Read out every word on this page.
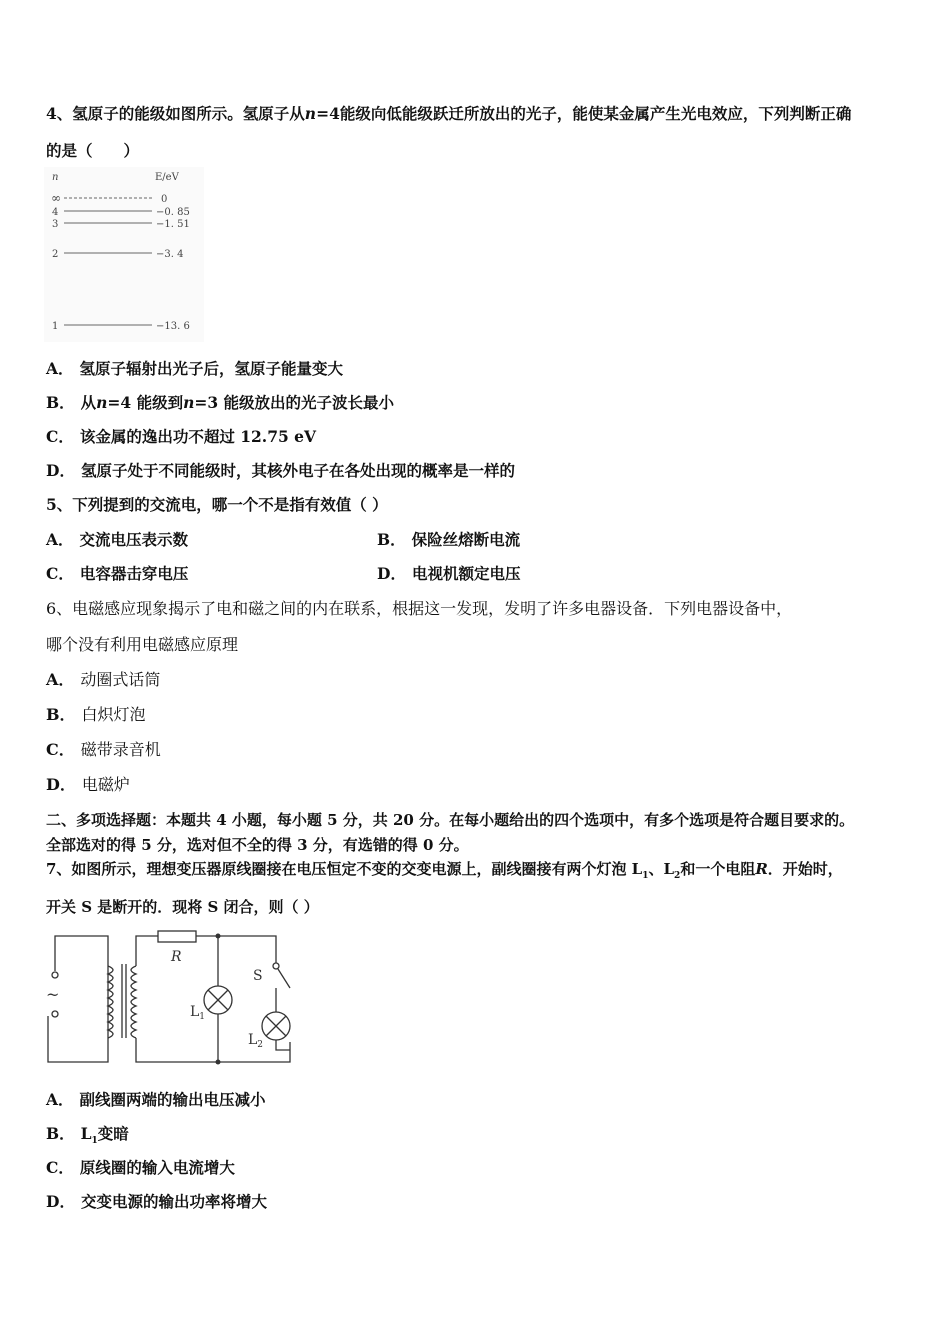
4、氢原子的能级如图所示。氢原子从n=4能级向低能级跃迁所放出的光子，能使某金属产生光电效应，下列判断正确
的是（　　）
n	E/eV
∞	0
4	−0. 85
3	−1. 51
2	−3. 4
1	−13. 6
A． 氢原子辐射出光子后，氢原子能量变大
B． 从n=4 能级到n=3 能级放出的光子波长最小
C． 该金属的逸出功不超过 12.75 eV
D． 氢原子处于不同能级时，其核外电子在各处出现的概率是一样的
5、下列提到的交流电，哪一个不是指有效值（ ）
A． 交流电压表示数	B． 保险丝熔断电流
C． 电容器击穿电压	D． 电视机额定电压
6、电磁感应现象揭示了电和磁之间的内在联系，根据这一发现，发明了许多电器设备．下列电器设备中，
哪个没有利用电磁感应原理
A． 动圈式话筒
B． 白炽灯泡
C． 磁带录音机
D． 电磁炉
二、多项选择题：本题共 4 小题，每小题 5 分，共 20 分。在每小题给出的四个选项中，有多个选项是符合题目要求的。
全部选对的得 5 分，选对但不全的得 3 分，有选错的得 0 分。
7、如图所示，理想变压器原线圈接在电压恒定不变的交变电源上，副线圈接有两个灯泡 $L_1$、$L_2$和一个电阻R．开始时，
开关 S 是断开的．现将 S 闭合，则（ ）
~
R
S
$L_1$
$L_2$
A． 副线圈两端的输出电压减小
B． $L_1$变暗
C． 原线圈的输入电流增大
D． 交变电源的输出功率将增大
